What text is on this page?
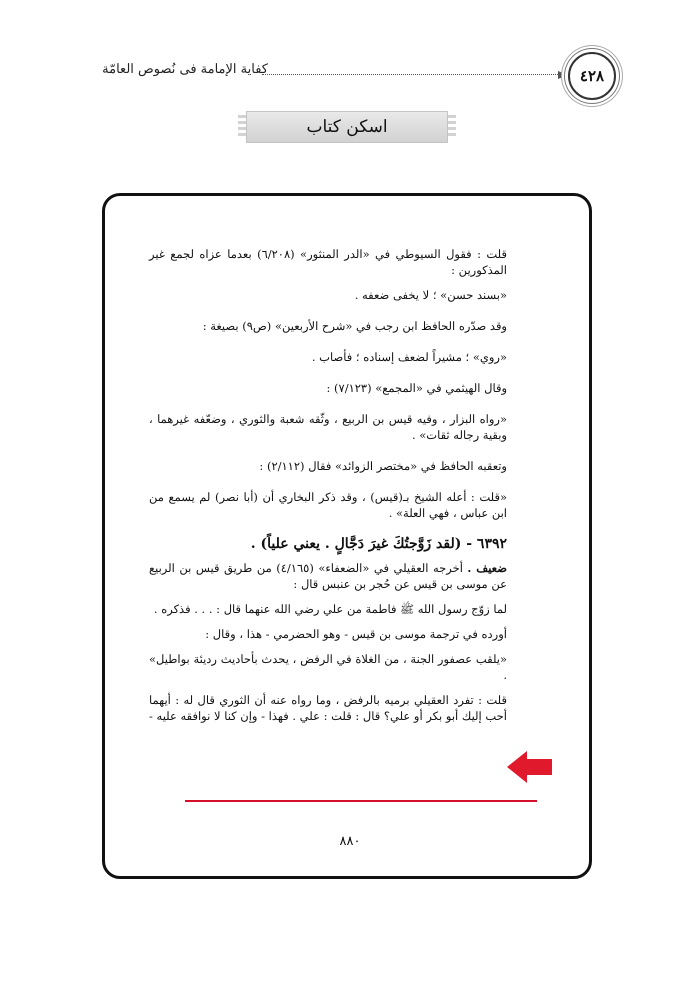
كفاية الإمامة فى نُصوص العامّة	٤٢٨
اسكن كتاب

قلت : فقول السيوطي في «الدر المنثور» (٦/٢٠٨) بعدما عزاه لجمع غير المذكورين :

«بسند حسن» ؛ لا يخفى ضعفه .

وقد صدّره الحافظ ابن رجب في «شرح الأربعين» (ص٩) بصيغة :

«روي» ؛ مشيراً لضعف إسناده ؛ فأصاب .

وقال الهيثمي في «المجمع» (٧/١٢٣) :

«رواه البزار ، وفيه قيس بن الربيع ، وثّقه شعبة والثوري ، وضعّفه غيرهما ، وبقية رجاله ثقات» .

وتعقبه الحافظ في «مختصر الزوائد» فقال (٢/١١٢) :

«قلت : أعله الشيخ بـ(قيس) ، وقد ذكر البخاري أن (أبا نصر) لم يسمع من ابن عباس ، فهي العلة» .

٦٣٩٢ - (لقد زَوَّجتُكَ غيرَ دَجَّالٍ . يعني علياً) .

ضعيف . أخرجه العقيلي في «الضعفاء» (٤/١٦٥) من طريق قيس بن الربيع عن موسى بن قيس عن حُجر بن عنبس قال :

لما زوّج رسول الله ﷺ فاطمة من علي رضي الله عنهما قال : . . . فذكره .

أورده في ترجمة موسى بن قيس - وهو الحضرمي - هذا ، وقال :

«يلقب عصفور الجنة ، من الغلاة في الرفض ، يحدث بأحاديث رديئة بواطيل» .

قلت : تفرد العقيلي برميه بالرفض ، وما رواه عنه أن الثوري قال له : أيهما أحب إليك أبو بكر أو علي؟ قال : قلت : علي . فهذا - وإن كنا لا نوافقه عليه -

٨٨٠
